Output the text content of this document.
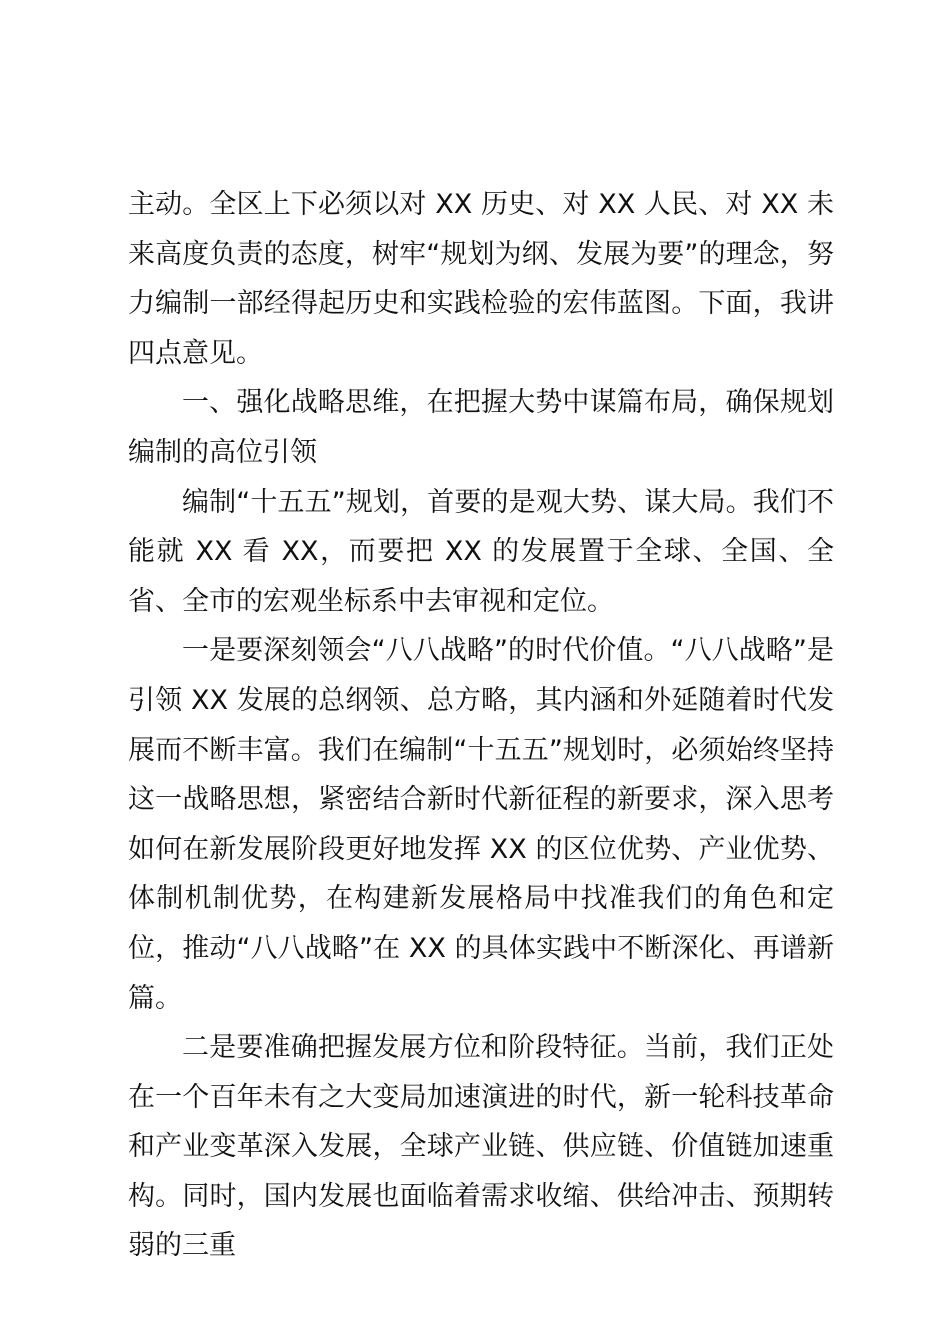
主动。全区上下必须以对 XX 历史、对 XX 人民、对 XX 未来高度负责的态度，树牢“规划为纲、发展为要”的理念，努力编制一部经得起历史和实践检验的宏伟蓝图。下面，我讲四点意见。

一、强化战略思维，在把握大势中谋篇布局，确保规划编制的高位引领

编制“十五五”规划，首要的是观大势、谋大局。我们不能就 XX 看 XX，而要把 XX 的发展置于全球、全国、全省、全市的宏观坐标系中去审视和定位。

一是要深刻领会“八八战略”的时代价值。“八八战略”是引领 XX 发展的总纲领、总方略，其内涵和外延随着时代发展而不断丰富。我们在编制“十五五”规划时，必须始终坚持这一战略思想，紧密结合新时代新征程的新要求，深入思考如何在新发展阶段更好地发挥 XX 的区位优势、产业优势、体制机制优势，在构建新发展格局中找准我们的角色和定位，推动“八八战略”在 XX 的具体实践中不断深化、再谱新篇。

二是要准确把握发展方位和阶段特征。当前，我们正处在一个百年未有之大变局加速演进的时代，新一轮科技革命和产业变革深入发展，全球产业链、供应链、价值链加速重构。同时，国内发展也面临着需求收缩、供给冲击、预期转弱的三重
